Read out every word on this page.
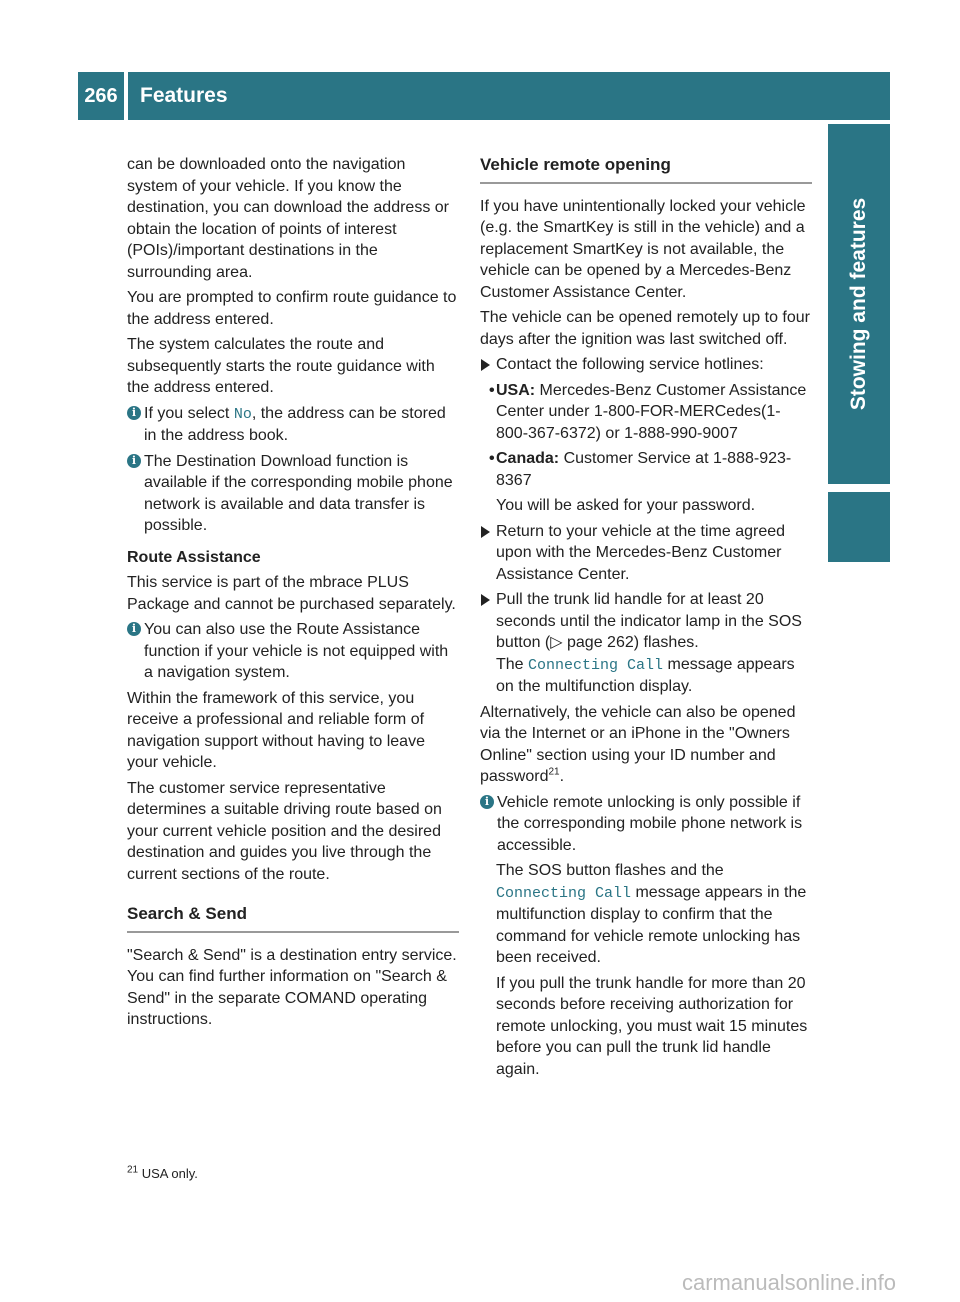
266	Features
Stowing and features

can be downloaded onto the navigation system of your vehicle. If you know the destination, you can download the address or obtain the location of points of interest (POIs)/important destinations in the surrounding area.

You are prompted to confirm route guidance to the address entered.

The system calculates the route and subsequently starts the route guidance with the address entered.

i If you select No, the address can be stored in the address book.

i The Destination Download function is available if the corresponding mobile phone network is available and data transfer is possible.

Route Assistance

This service is part of the mbrace PLUS Package and cannot be purchased separately.

i You can also use the Route Assistance function if your vehicle is not equipped with a navigation system.

Within the framework of this service, you receive a professional and reliable form of navigation support without having to leave your vehicle.

The customer service representative determines a suitable driving route based on your current vehicle position and the desired destination and guides you live through the current sections of the route.

Search & Send

"Search & Send" is a destination entry service. You can find further information on "Search & Send" in the separate COMAND operating instructions.

Vehicle remote opening

If you have unintentionally locked your vehicle (e.g. the SmartKey is still in the vehicle) and a replacement SmartKey is not available, the vehicle can be opened by a Mercedes-Benz Customer Assistance Center.

The vehicle can be opened remotely up to four days after the ignition was last switched off.

Contact the following service hotlines:

• USA: Mercedes-Benz Customer Assistance Center under 1-800-FOR-MERCedes(1-800-367-6372) or 1-888-990-9007

• Canada: Customer Service at 1-888-923-8367

You will be asked for your password.

Return to your vehicle at the time agreed upon with the Mercedes-Benz Customer Assistance Center.

Pull the trunk lid handle for at least 20 seconds until the indicator lamp in the SOS button (▷ page 262) flashes.

The Connecting Call message appears on the multifunction display.

Alternatively, the vehicle can also be opened via the Internet or an iPhone in the "Owners Online" section using your ID number and password$^{21}$.

i Vehicle remote unlocking is only possible if the corresponding mobile phone network is accessible.

The SOS button flashes and the Connecting Call message appears in the multifunction display to confirm that the command for vehicle remote unlocking has been received.

If you pull the trunk handle for more than 20 seconds before receiving authorization for remote unlocking, you must wait 15 minutes before you can pull the trunk lid handle again.

$^{21}$ USA only.
carmanualsonline.info
